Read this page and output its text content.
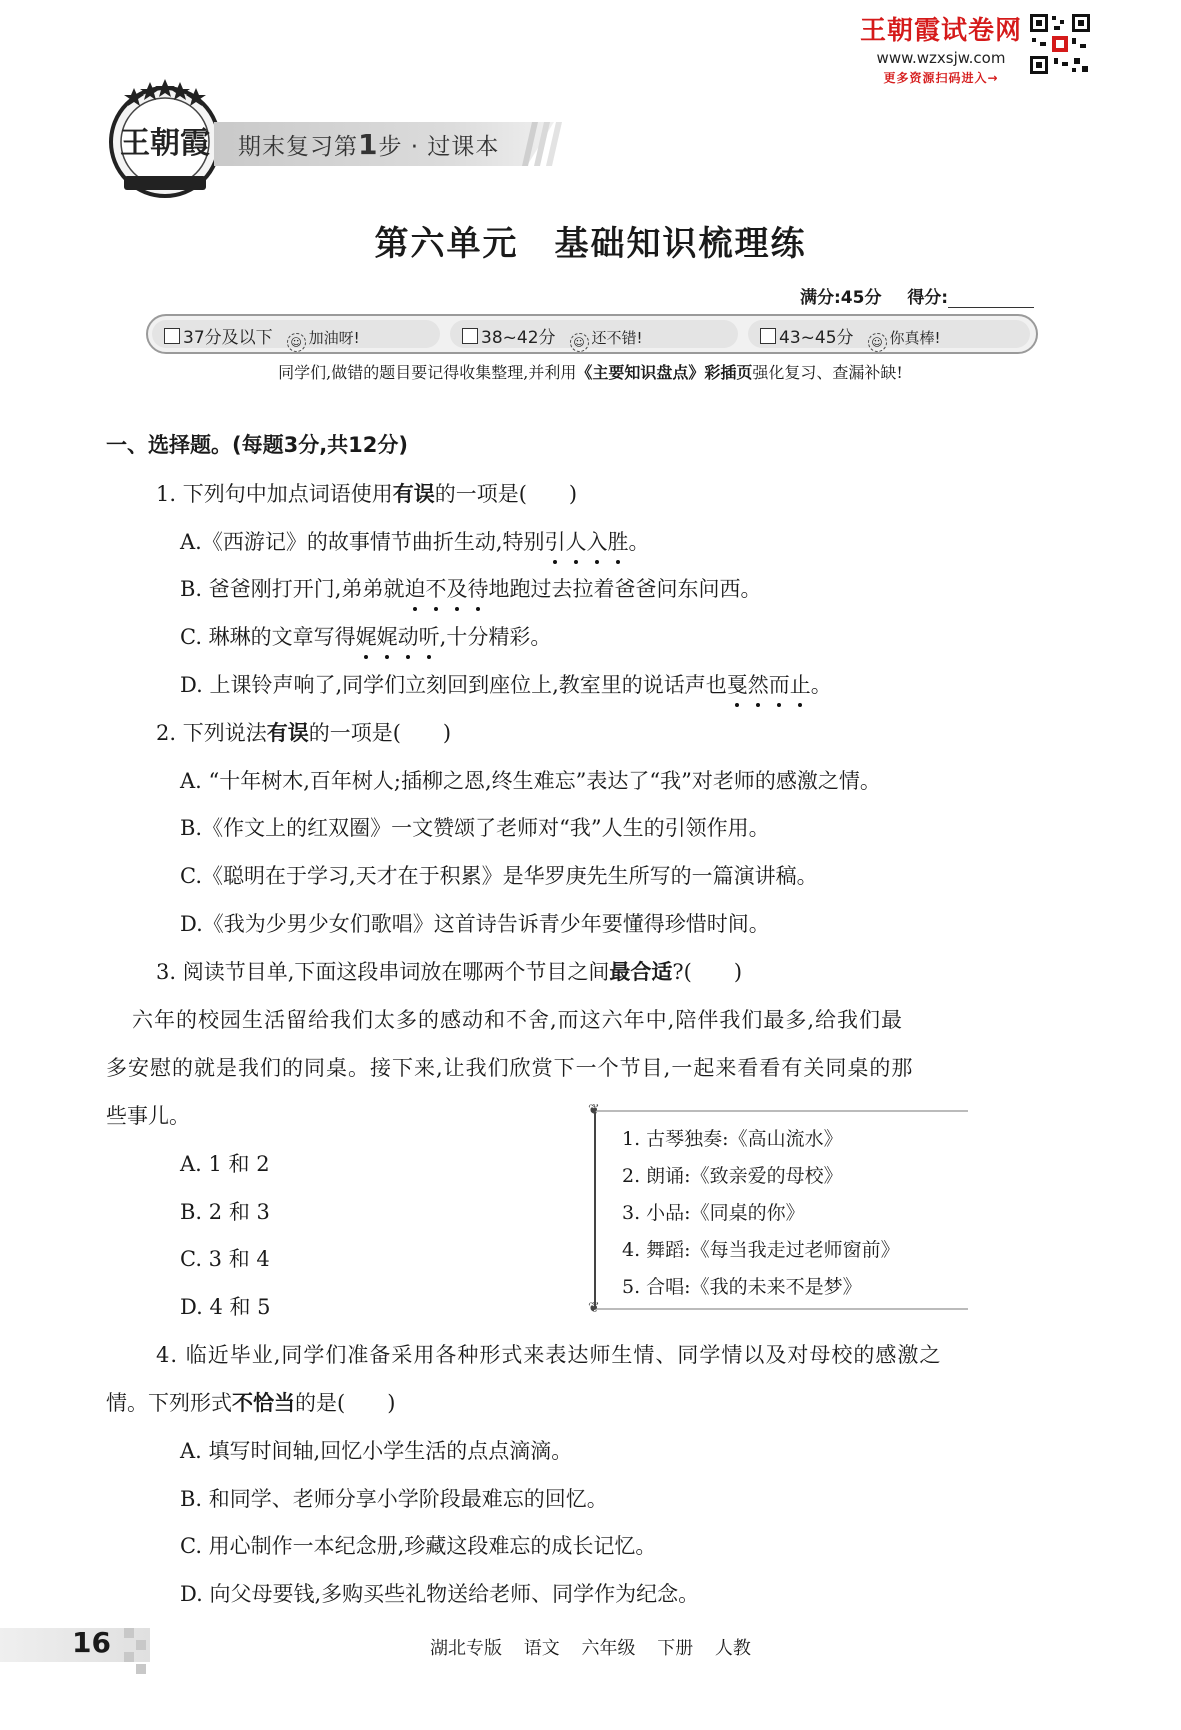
王朝霞试卷网
www.wzxsjw.com
更多资源扫码进入→
王朝霞	期末复习第1步 · 过课本
第六单元　基础知识梳理练
满分:45分 得分:
37分及以下 ☺ 加油呀!	38~42分 ☺ 还不错!	43~45分 ☺ 你真棒!
同学们,做错的题目要记得收集整理,并利用《主要知识盘点》彩插页强化复习、查漏补缺!
一、选择题。(每题3分,共12分)
1. 下列句中加点词语使用有误的一项是(　　)
A.《西游记》的故事情节曲折生动,特别引人入胜。
B. 爸爸刚打开门,弟弟就迫不及待地跑过去拉着爸爸问东问西。
C. 琳琳的文章写得娓娓动听,十分精彩。
D. 上课铃声响了,同学们立刻回到座位上,教室里的说话声也戛然而止。
2. 下列说法有误的一项是(　　)
A. “十年树木,百年树人;插柳之恩,终生难忘”表达了“我”对老师的感激之情。
B.《作文上的红双圈》一文赞颂了老师对“我”人生的引领作用。
C.《聪明在于学习,天才在于积累》是华罗庚先生所写的一篇演讲稿。
D.《我为少男少女们歌唱》这首诗告诉青少年要懂得珍惜时间。
3. 阅读节目单,下面这段串词放在哪两个节目之间最合适?(　　)
六年的校园生活留给我们太多的感动和不舍,而这六年中,陪伴我们最多,给我们最
多安慰的就是我们的同桌。接下来,让我们欣赏下一个节目,一起来看看有关同桌的那
些事儿。
A. 1 和 2
B. 2 和 3
C. 3 和 4
D. 4 和 5
1. 古琴独奏:《高山流水》
2. 朗诵:《致亲爱的母校》
3. 小品:《同桌的你》
4. 舞蹈:《每当我走过老师窗前》
5. 合唱:《我的未来不是梦》
❦
❦
4. 临近毕业,同学们准备采用各种形式来表达师生情、同学情以及对母校的感激之
情。下列形式不恰当的是(　　)
A. 填写时间轴,回忆小学生活的点点滴滴。
B. 和同学、老师分享小学阶段最难忘的回忆。
C. 用心制作一本纪念册,珍藏这段难忘的成长记忆。
D. 向父母要钱,多购买些礼物送给老师、同学作为纪念。
16	湖北专版 语文 六年级 下册 人教
